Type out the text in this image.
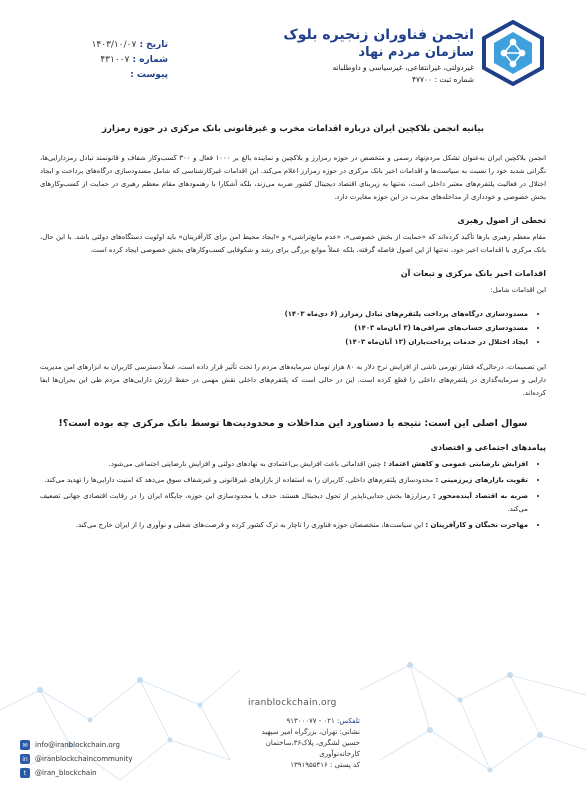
انجمن فناوران زنجیره بلوک
سازمان مردم نهاد
غیردولتی، غیرانتفاعی، غیرسیاسی و داوطلبانه
شماره ثبت : ۴۷۷۰۰
تاریخ : ۱۴۰۳/۱۰/۰۷
شماره : ۴۳۱۰۰۷
پیوست :
بیانیه انجمن بلاکچین ایران درباره اقدامات مخرب و غیرقانونی بانک مرکزی در حوزه رمزارز

انجمن بلاکچین ایران به‌عنوان تشکل مردم‌نهاد رسمی و متخصص در حوزه رمزارز و بلاکچین و نماینده بالغ بر ۱۰۰۰ فعال و ۳۰۰ کسب‌وکار شفاف و قانونمند تبادل رمزدارایی‌ها، نگرانی شدید خود را نسبت به سیاست‌ها و اقدامات اخیر بانک مرکزی در حوزه رمزارز اعلام می‌کند. این اقدامات غیرکارشناسی که شامل مسدودسازی درگاه‌های پرداخت و ایجاد اختلال در فعالیت پلتفرم‌های معتبر داخلی است، نه‌تنها به زیربنای اقتصاد دیجیتال کشور ضربه می‌زند، بلکه آشکارا با رهنمودهای مقام معظم رهبری در حمایت از کسب‌وکارهای بخش خصوصی و خودداری از مداخله‌های مخرب در این حوزه مغایرت دارد.

تخطی از اصول رهبری

مقام معظم رهبری بارها تأکید کرده‌اند که «حمایت از بخش خصوصی»، «عدم مانع‌تراشی» و «ایجاد محیط امن برای کارآفرینان» باید اولویت دستگاه‌های دولتی باشد. با این حال، بانک مرکزی با اقدامات اخیر خود، نه‌تنها از این اصول فاصله گرفته، بلکه عملاً موانع بزرگی برای رشد و شکوفایی کسب‌وکارهای بخش خصوصی ایجاد کرده است.

اقدامات اخیر بانک مرکزی و تبعات آن

این اقدامات شامل:

• مسدودسازی درگاه‌های پرداخت پلتفرم‌های تبادل رمزارز (۶ دی‌ماه ۱۴۰۳)
• مسدودسازی حساب‌های صرافی‌ها (۳ آبان‌ماه ۱۴۰۳)
• ایجاد اختلال در خدمات پرداخت‌یاران (۱۳ آبان‌ماه ۱۴۰۳)

این تصمیمات، درحالی‌که فشار تورمی ناشی از افزایش نرخ دلار به ۸۰ هزار تومان سرمایه‌های مردم را تحت تأثیر قرار داده است، عملاً دسترسی کاربران به ابزارهای امن مدیریت دارایی و سرمایه‌گذاری در پلتفرم‌های داخلی را قطع کرده است. این در حالی است که پلتفرم‌های داخلی نقش مهمی در حفظ ارزش دارایی‌های مردم طی این بحران‌ها ایفا کرده‌اند.

سوال اصلی این است: نتیجه یا دستاورد این مداخلات و محدودیت‌ها توسط بانک مرکزی چه بوده است؟!
پیامدهای اجتماعی و اقتصادی
• افزایش نارضایتی عمومی و کاهش اعتماد : چنین اقداماتی باعث افزایش بی‌اعتمادی به نهادهای دولتی و افزایش نارضایتی اجتماعی می‌شود.
• تقویت بازارهای زیرزمینی : محدودسازی پلتفرم‌های داخلی، کاربران را به استفاده از بازارهای غیرقانونی و غیرشفاف سوق می‌دهد که امنیت دارایی‌ها را تهدید می‌کند.
• ضربه به اقتصاد آینده‌محور : رمزارزها بخش جدایی‌ناپذیر از تحول دیجیتال هستند. حذف یا محدودسازی این حوزه، جایگاه ایران را در رقابت اقتصادی جهانی تضعیف می‌کند.
• مهاجرت نخبگان و کارآفرینان : این سیاست‌ها، متخصصان حوزه فناوری را ناچار به ترک کشور کرده و فرصت‌های شغلی و نوآوری را از ایران خارج می‌کند.
iranblockchain.org
تلفکس: ۰۲۱ - ۹۱۳۰۰۰۷۷
نشانی: تهران، بزرگراه امیر سپهبد حسین لشگری، پلاک۳۶،ساختمان کارخانه‌نوآوری
کد پستی : ۱۳۹۱۹۵۵۴۱۶
✉	info@iranblockchain.org
in	@iranblockchaincommunity
t	@iran_blockchain
